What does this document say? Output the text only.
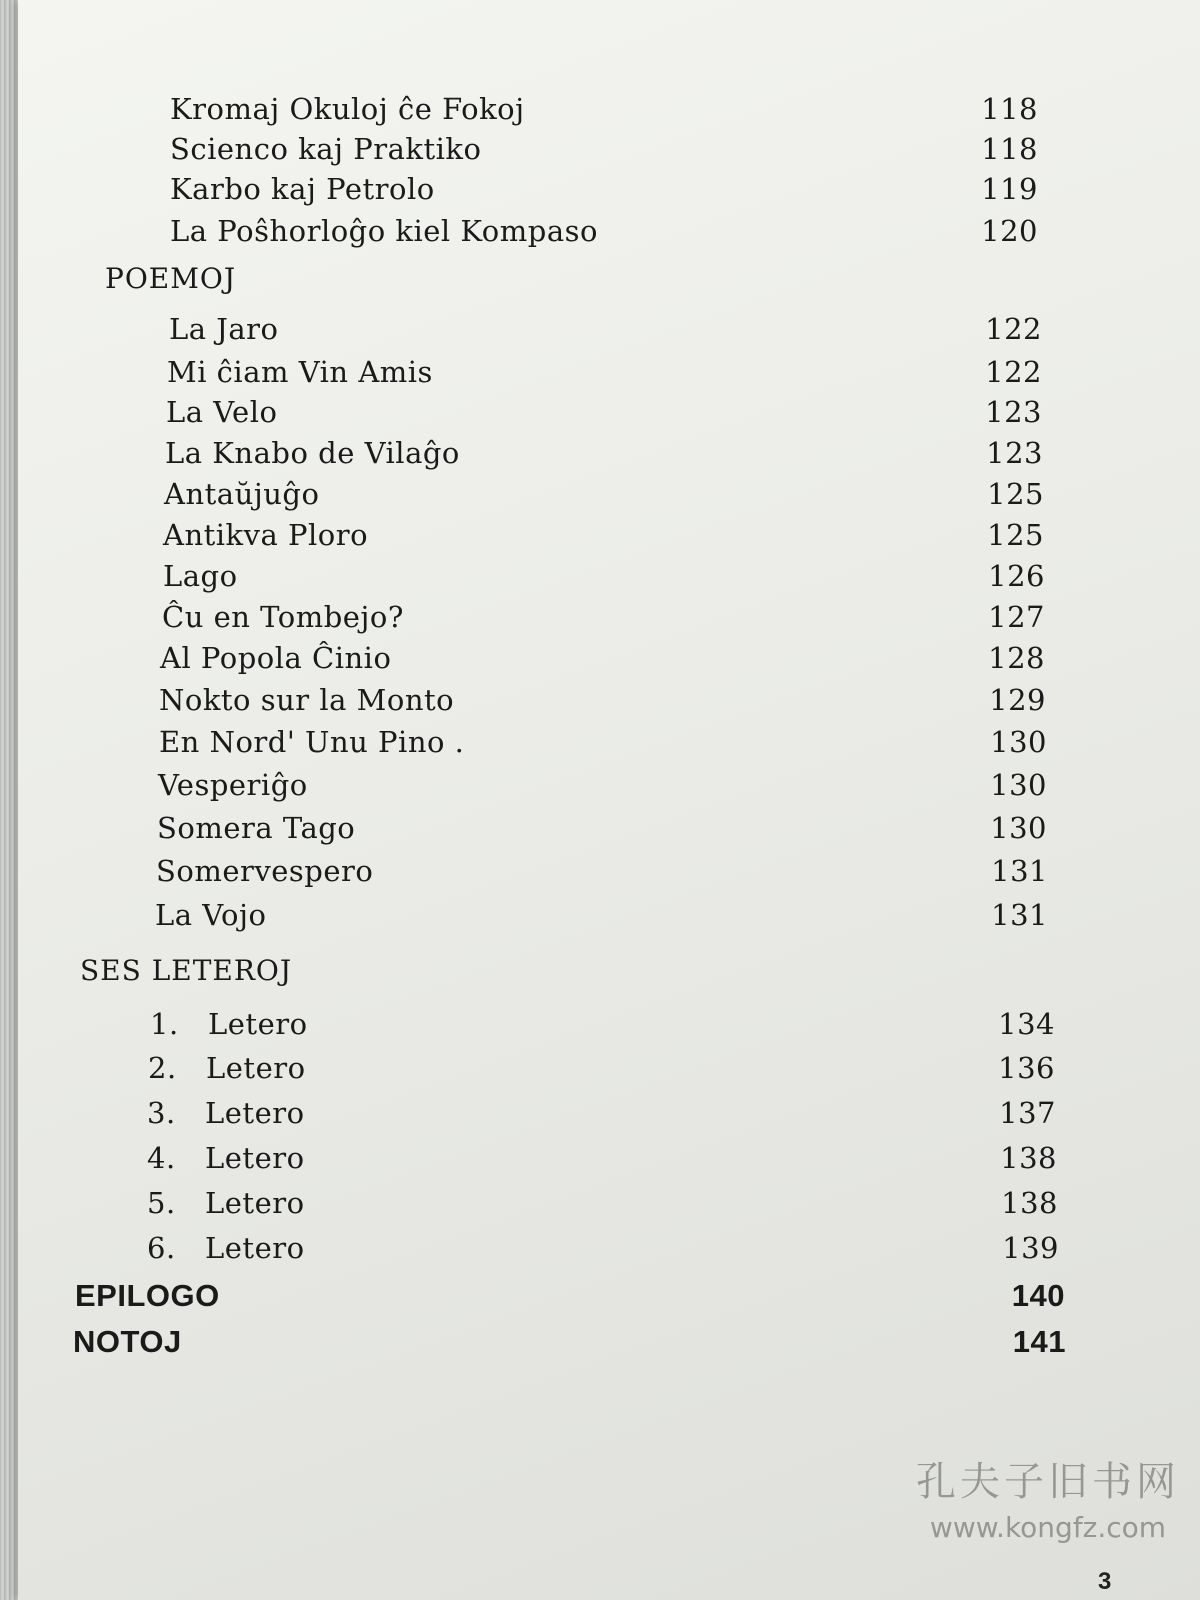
Kromaj Okuloj ĉe Fokoj	118
Scienco kaj Praktiko	118
Karbo kaj Petrolo	119
La Poŝhorloĝo kiel Kompaso	120
POEMOJ
La Jaro	122
Mi ĉiam Vin Amis	122
La Velo	123
La Knabo de Vilaĝo	123
Antaŭjuĝo	125
Antikva Ploro	125
Lago	126
Ĉu en Tombejo?	127
Al Popola Ĉinio	128
Nokto sur la Monto	129
En Nord' Unu Pino .	130
Vesperiĝo	130
Somera Tago	130
Somervespero	131
La Vojo	131
SES LETEROJ
1. Letero	134
2. Letero	136
3. Letero	137
4. Letero	138
5. Letero	138
6. Letero	139
EPILOGO	140
NOTOJ	141
孔夫子旧书网
www.kongfz.com
3
